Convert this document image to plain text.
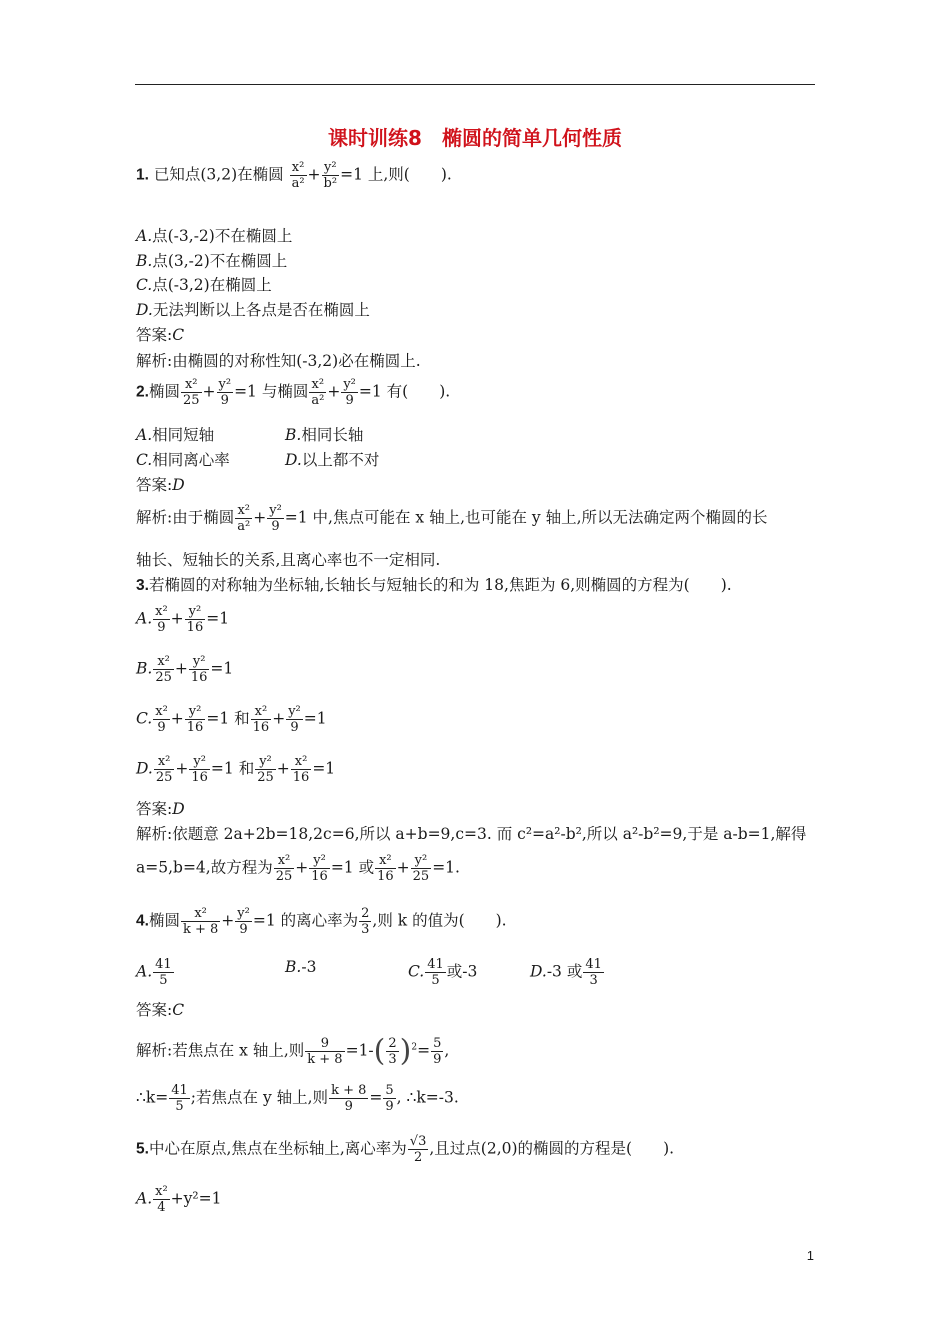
课时训练8　椭圆的简单几何性质
1. 已知点(3,2)在椭圆 $\frac{\text{x²}}{\text{a²}} + \frac{\text{y²}}{\text{b²}} =1$ 上,则(　　).
A.点(-3,-2)不在椭圆上
B.点(3,-2)不在椭圆上
C.点(-3,2)在椭圆上
D.无法判断以上各点是否在椭圆上
答案:C
解析:由椭圆的对称性知(-3,2)必在椭圆上.
2.椭圆 $\frac{\text{x²}}{25} + \frac{\text{y²}}{9} =1$ 与椭圆 $\frac{\text{x²}}{\text{a²}} + \frac{\text{y²}}{9} =1$ 有(　　).
A.相同短轴	B.相同长轴
C.相同离心率	D.以上都不对
答案:D
解析:由于椭圆 $\frac{\text{x²}}{\text{a²}} + \frac{\text{y²}}{9} =1$ 中,焦点可能在 x 轴上,也可能在 y 轴上,所以无法确定两个椭圆的长
轴长、短轴长的关系,且离心率也不一定相同.
3.若椭圆的对称轴为坐标轴,长轴长与短轴长的和为 18,焦距为 6,则椭圆的方程为(　　).
A. $\frac{\text{x²}}{9} + \frac{\text{y²}}{16} =1$
B. $\frac{\text{x²}}{25} + \frac{\text{y²}}{16} =1$
C. $\frac{\text{x²}}{9} + \frac{\text{y²}}{16} =1$ 和 $\frac{\text{x²}}{16} + \frac{\text{y²}}{9} =1$
D. $\frac{\text{x²}}{25} + \frac{\text{y²}}{16} =1$ 和 $\frac{\text{y²}}{25} + \frac{\text{x²}}{16} =1$
答案:D
解析:依题意 2a+2b=18,2c=6,所以 a+b=9,c=3. 而 c²=a²-b²,所以 a²-b²=9,于是 a-b=1,解得
a=5,b=4,故方程为 $\frac{\text{x²}}{25} + \frac{\text{y²}}{16} =1$ 或 $\frac{\text{x²}}{16} + \frac{\text{y²}}{25} =1$.
4.椭圆 $\frac{\text{x²}}{k + 8} + \frac{\text{y²}}{9} =1$ 的离心率为 $\frac{2}{3}$ ,则 k 的值为(　　).
A. $\frac{41}{5}$	B.-3	C. $\frac{41}{5}$ 或-3	D.-3 或 $\frac{41}{3}$
答案:C
解析:若焦点在 x 轴上,则 $\frac{9}{k + 8} =1-( \frac{2}{3} )^2= \frac{5}{9}$ ,
∴k= $\frac{41}{5}$ ;若焦点在 y 轴上,则 $\frac{k + 8}{9} = \frac{5}{9}$ , ∴k=-3.
5.中心在原点,焦点在坐标轴上,离心率为 $\frac{√3}{2}$ ,且过点(2,0)的椭圆的方程是(　　).
A. $\frac{\text{x²}}{4} +y^2=1$
1
